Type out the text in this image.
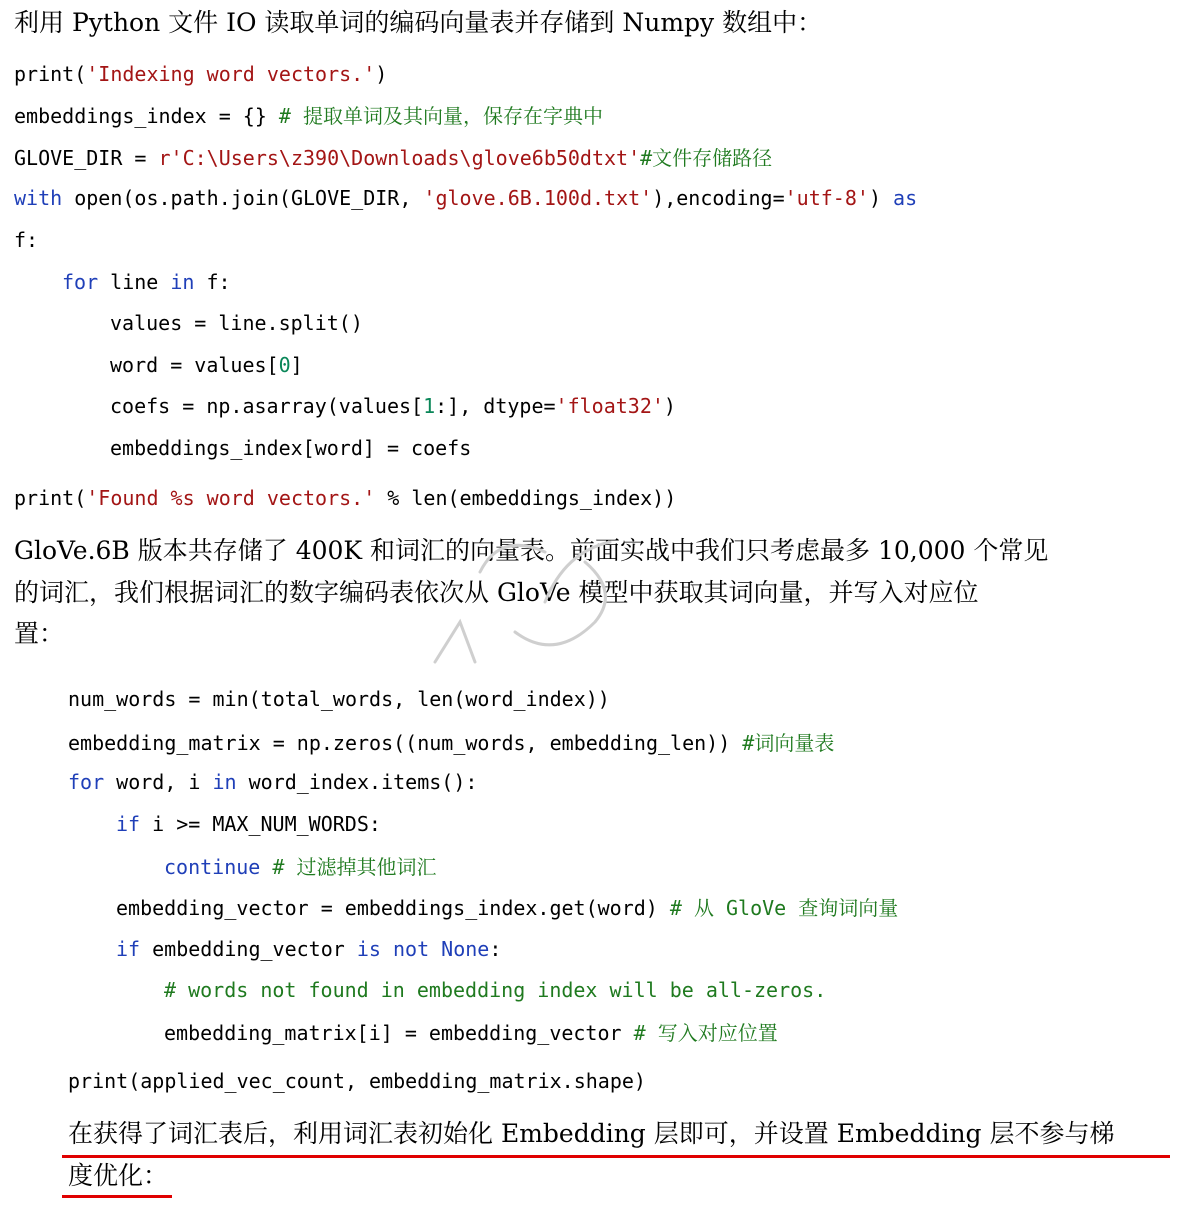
利用 Python 文件 IO 读取单词的编码向量表并存储到 Numpy 数组中：
print('Indexing word vectors.')
embeddings_index = {} # 提取单词及其向量，保存在字典中
GLOVE_DIR = r'C:\Users\z390\Downloads\glove6b50dtxt'#文件存储路径
with open(os.path.join(GLOVE_DIR, 'glove.6B.100d.txt'),encoding='utf-8') as
f:
for line in f:
values = line.split()
word = values[0]
coefs = np.asarray(values[1:], dtype='float32')
embeddings_index[word] = coefs
print('Found %s word vectors.' % len(embeddings_index))
GloVe.6B 版本共存储了 400K 和词汇的向量表。前面实战中我们只考虑最多 10,000 个常见
的词汇，我们根据词汇的数字编码表依次从 GloVe 模型中获取其词向量，并写入对应位
置：
num_words = min(total_words, len(word_index))
embedding_matrix = np.zeros((num_words, embedding_len)) #词向量表
for word, i in word_index.items():
if i >= MAX_NUM_WORDS:
continue # 过滤掉其他词汇
embedding_vector = embeddings_index.get(word) # 从 GloVe 查询词向量
if embedding_vector is not None:
# words not found in embedding index will be all-zeros.
embedding_matrix[i] = embedding_vector # 写入对应位置
print(applied_vec_count, embedding_matrix.shape)
在获得了词汇表后，利用词汇表初始化 Embedding 层即可，并设置 Embedding 层不参与梯
度优化：
